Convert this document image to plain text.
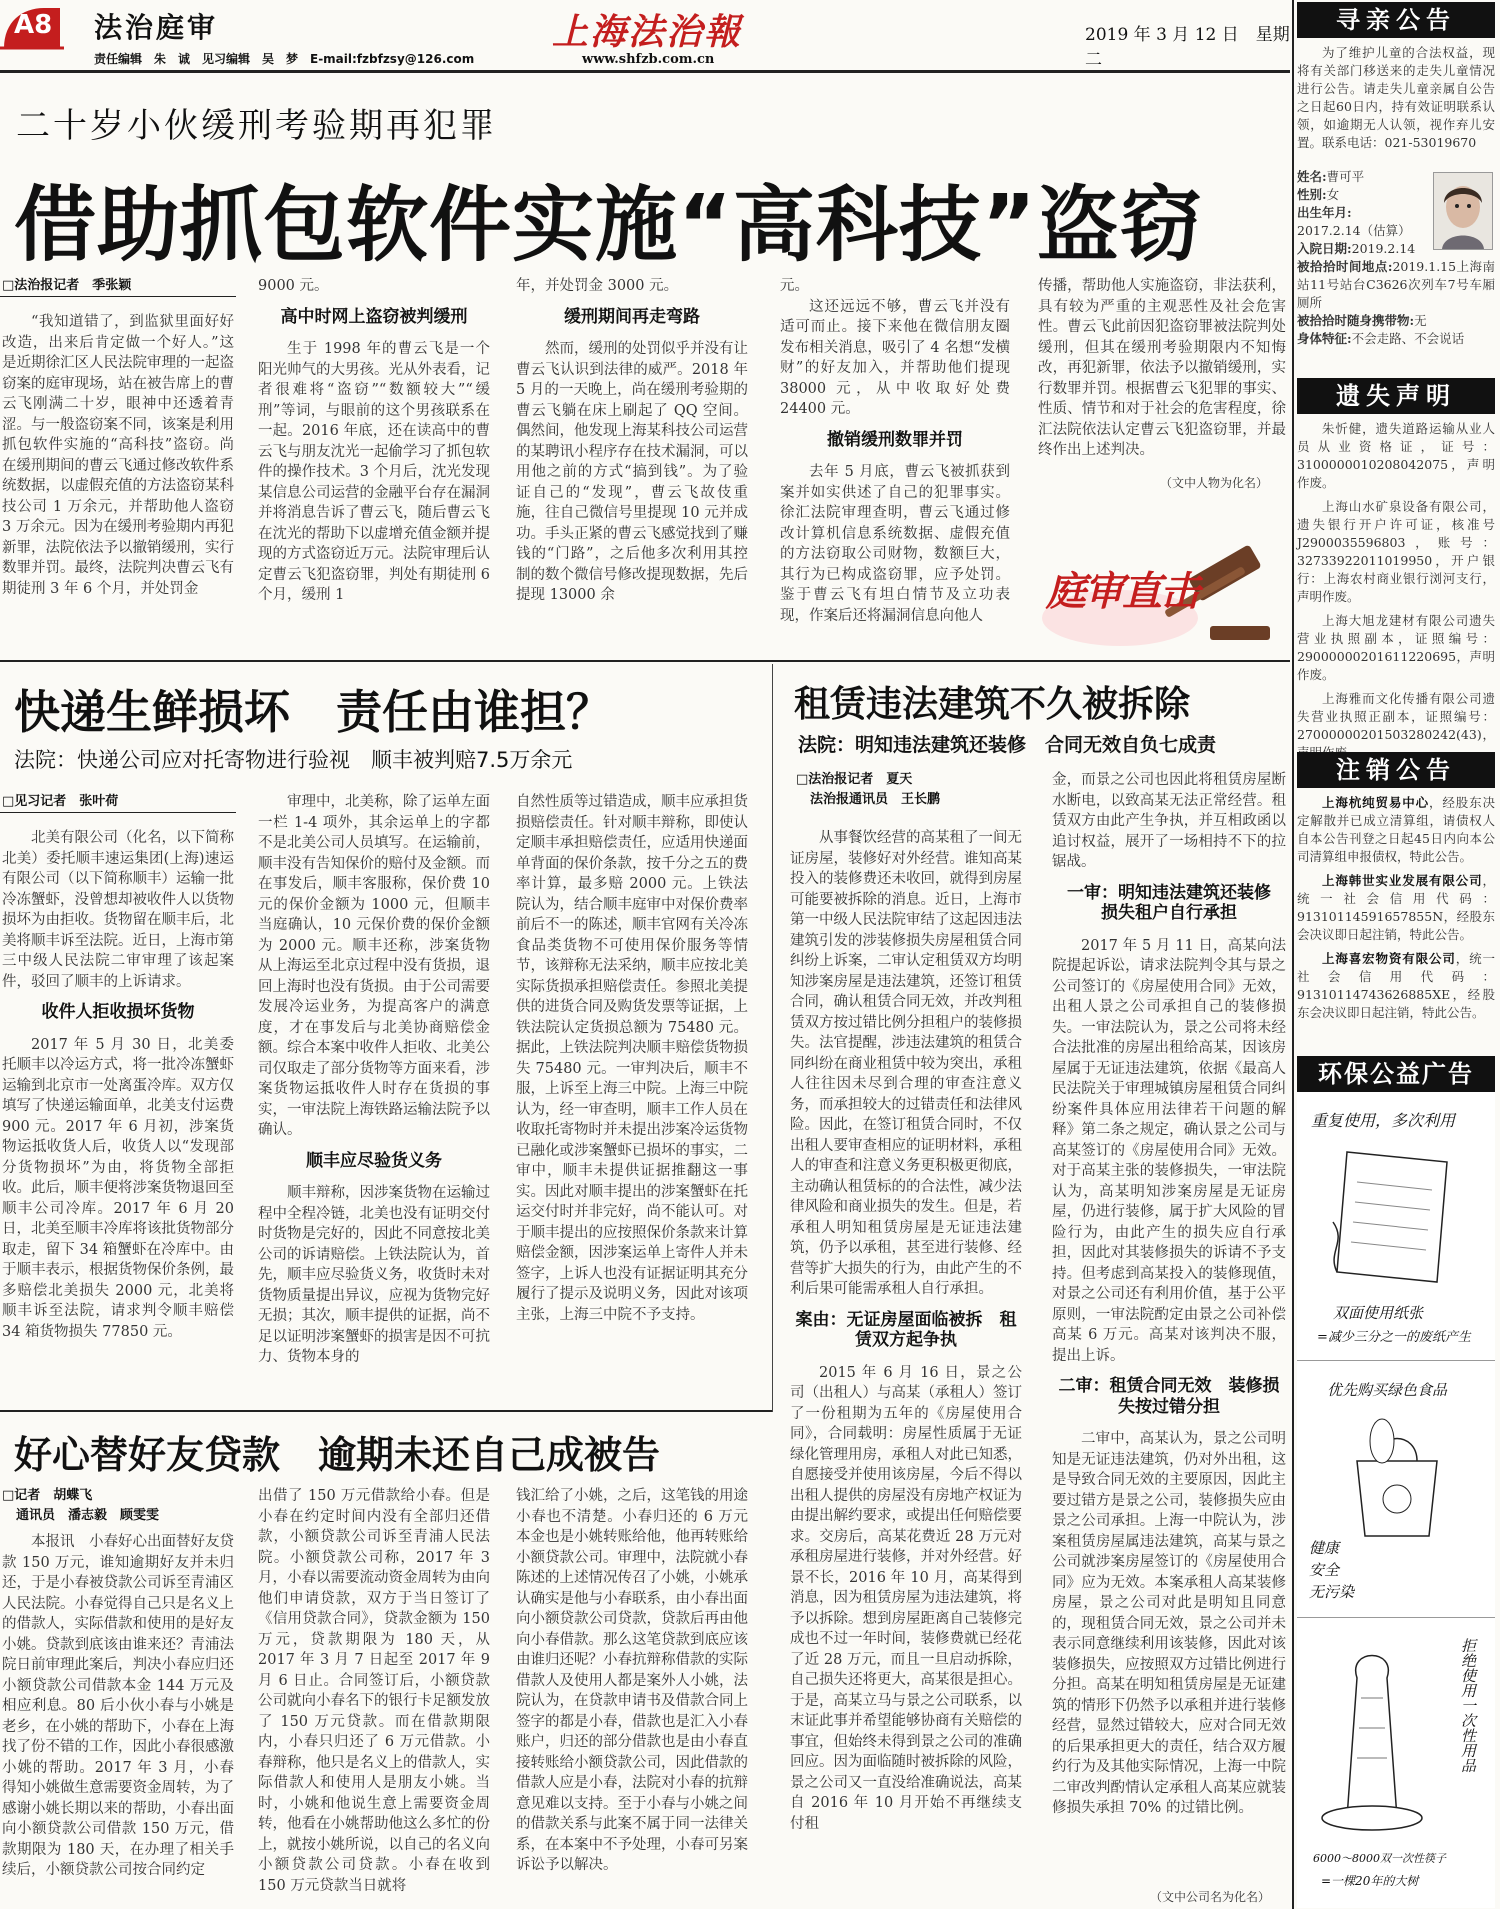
A8 法治庭审
责任编辑　朱　诚　见习编辑　吴　梦　E-mail:fzbfzsy@126.com
上海法治報
www.shfzb.com.cn
2019 年 3 月 12 日　星期二
二十岁小伙缓刑考验期再犯罪
借助抓包软件实施“高科技”盗窃
□法治报记者　季张颖

“我知道错了，到监狱里面好好改造，出来后肯定做一个好人。”这是近期徐汇区人民法院审理的一起盗窃案的庭审现场，站在被告席上的曹云飞刚满二十岁，眼神中还透着青涩。与一般盗窃案不同，该案是利用抓包软件实施的“高科技”盗窃。尚在缓刑期间的曹云飞通过修改软件系统数据，以虚假充值的方法盗窃某科技公司 1 万余元，并帮助他人盗窃 3 万余元。因为在缓刑考验期内再犯新罪，法院依法予以撤销缓刑，实行数罪并罚。最终，法院判决曹云飞有期徒刑 3 年 6 个月，并处罚金

9000 元。

高中时网上盗窃被判缓刑

生于 1998 年的曹云飞是一个阳光帅气的大男孩。光从外表看，记者很难将“盗窃”“数额较大”“缓刑”等词，与眼前的这个男孩联系在一起。2016 年底，还在读高中的曹云飞与朋友沈光一起偷学习了抓包软件的操作技术。3 个月后，沈光发现某信息公司运营的金融平台存在漏洞并将消息告诉了曹云飞，随后曹云飞在沈光的帮助下以虚增充值金额并提现的方式盗窃近万元。法院审理后认定曹云飞犯盗窃罪，判处有期徒刑 6 个月，缓刑 1

年，并处罚金 3000 元。

缓刑期间再走弯路

然而，缓刑的处罚似乎并没有让曹云飞认识到法律的威严。2018 年 5 月的一天晚上，尚在缓刑考验期的曹云飞躺在床上刷起了 QQ 空间。偶然间，他发现上海某科技公司运营的某聘讯小程序存在技术漏洞，可以用他之前的方式“搞到钱”。为了验证自己的“发现”，曹云飞故伎重施，往自己微信号里提现 10 元并成功。手头正紧的曹云飞感觉找到了赚钱的“门路”，之后他多次利用其控制的数个微信号修改提现数据，先后提现 13000 余

元。

这还远远不够，曹云飞并没有适可而止。接下来他在微信朋友圈发布相关消息，吸引了 4 名想“发横财”的好友加入，并帮助他们提现 38000 元，从中收取好处费 24400 元。

撤销缓刑数罪并罚

去年 5 月底，曹云飞被抓获到案并如实供述了自己的犯罪事实。徐汇法院审理查明，曹云飞通过修改计算机信息系统数据、虚假充值的方法窃取公司财物，数额巨大，其行为已构成盗窃罪，应予处罚。鉴于曹云飞有坦白情节及立功表现，作案后还将漏洞信息向他人

传播，帮助他人实施盗窃，非法获利，具有较为严重的主观恶性及社会危害性。曹云飞此前因犯盗窃罪被法院判处缓刑，但其在缓刑考验期限内不知悔改，再犯新罪，依法予以撤销缓刑，实行数罪并罚。根据曹云飞犯罪的事实、性质、情节和对于社会的危害程度，徐汇法院依法认定曹云飞犯盗窃罪，并最终作出上述判决。

（文中人物为化名）
庭审直击
快递生鲜损坏　责任由谁担？
法院：快递公司应对托寄物进行验视　顺丰被判赔7.5万余元
□见习记者　张叶荷

北美有限公司（化名，以下简称北美）委托顺丰速运集团(上海)速运有限公司（以下简称顺丰）运输一批冷冻蟹虾，没曾想却被收件人以货物损坏为由拒收。货物留在顺丰后，北美将顺丰诉至法院。近日，上海市第三中级人民法院二审审理了该起案件，驳回了顺丰的上诉请求。

收件人拒收损坏货物

2017 年 5 月 30 日，北美委托顺丰以冷运方式，将一批冷冻蟹虾运输到北京市一处离蛋冷库。双方仅填写了快递运输面单，北美支付运费 900 元。2017 年 6 月初，涉案货物运抵收货人后，收货人以“发现部分货物损坏”为由，将货物全部拒收。此后，顺丰便将涉案货物退回至顺丰公司冷库。2017 年 6 月 20 日，北美至顺丰冷库将该批货物部分取走，留下 34 箱蟹虾在冷库中。由于顺丰表示，根据货物保价条例，最多赔偿北美损失 2000 元，北美将顺丰诉至法院，请求判令顺丰赔偿 34 箱货物损失 77850 元。

审理中，北美称，除了运单左面一栏 1-4 项外，其余运单上的字都不是北美公司人员填写。在运输前，顺丰没有告知保价的赔付及金额。而在事发后，顺丰客服称，保价费 10 元的保价金额为 1000 元，但顺丰当庭确认，10 元保价费的保价金额为 2000 元。顺丰还称，涉案货物从上海运至北京过程中没有货损，退回上海时也没有货损。由于公司需要发展冷运业务，为提高客户的满意度，才在事发后与北美协商赔偿金额。综合本案中收件人拒收、北美公司仅取走了部分货物等方面来看，涉案货物运抵收件人时存在货损的事实，一审法院上海铁路运输法院予以确认。

顺丰应尽验货义务

顺丰辩称，因涉案货物在运输过程中全程冷链，北美也没有证明交付时货物是完好的，因此不同意按北美公司的诉请赔偿。上铁法院认为，首先，顺丰应尽验货义务，收货时未对货物质量提出异议，应视为货物完好无损；其次，顺丰提供的证据，尚不足以证明涉案蟹虾的损害是因不可抗力、货物本身的

自然性质等过错造成，顺丰应承担货损赔偿责任。针对顺丰辩称，即使认定顺丰承担赔偿责任，应适用快递面单背面的保价条款，按千分之五的费率计算，最多赔 2000 元。上铁法院认为，结合顺丰庭审中对保价费率前后不一的陈述，顺丰官网有关冷冻食品类货物不可使用保价服务等情节，该辩称无法采纳，顺丰应按北美实际货损承担赔偿责任。参照北美提供的进货合同及购货发票等证据，上铁法院认定货损总额为 75480 元。据此，上铁法院判决顺丰赔偿货物损失 75480 元。一审判决后，顺丰不服，上诉至上海三中院。上海三中院认为，经一审查明，顺丰工作人员在收取托寄物时并未提出涉案冷运货物已融化或涉案蟹虾已损坏的事实，二审中，顺丰未提供证据推翻这一事实。因此对顺丰提出的涉案蟹虾在托运交付时并非完好，尚不能认可。对于顺丰提出的应按照保价条款来计算赔偿金额，因涉案运单上寄件人并未签字，上诉人也没有证据证明其充分履行了提示及说明义务，因此对该项主张，上海三中院不予支持。

租赁违法建筑不久被拆除
法院：明知违法建筑还装修　合同无效自负七成责
□法治报记者　夏天
法治报通讯员　王长鹏

从事餐饮经营的高某租了一间无证房屋，装修好对外经营。谁知高某投入的装修费还未收回，就得到房屋可能要被拆除的消息。近日，上海市第一中级人民法院审结了这起因违法建筑引发的涉装修损失房屋租赁合同纠纷上诉案，二审认定租赁双方均明知涉案房屋是违法建筑，还签订租赁合同，确认租赁合同无效，并改判租赁双方按过错比例分担租户的装修损失。法官提醒，涉违法建筑的租赁合同纠纷在商业租赁中较为突出，承租人往往因未尽到合理的审查注意义务，而承担较大的过错责任和法律风险。因此，在签订租赁合同时，不仅出租人要审查相应的证明材料，承租人的审查和注意义务更积极更彻底，主动确认租赁标的的合法性，减少法律风险和商业损失的发生。但是，若承租人明知租赁房屋是无证违法建筑，仍予以承租，甚至进行装修、经营等扩大损失的行为，由此产生的不利后果可能需承租人自行承担。

案由：无证房屋面临被拆　租赁双方起争执

2015 年 6 月 16 日，景之公司（出租人）与高某（承租人）签订了一份租期为五年的《房屋使用合同》，合同载明：房屋性质属于无证绿化管理用房，承租人对此已知悉，自愿接受并使用该房屋，今后不得以出租人提供的房屋没有房地产权证为由提出解约要求，或提出任何赔偿要求。交房后，高某花费近 28 万元对承租房屋进行装修，并对外经营。好景不长，2016 年 10 月，高某得到消息，因为租赁房屋为违法建筑，将予以拆除。想到房屋距离自己装修完成也不过一年时间，装修费就已经花了近 28 万元，而且一旦启动拆除，自己损失还将更大，高某很是担心。于是，高某立马与景之公司联系，以末证此事并希望能够协商有关赔偿的事宜，但始终未得到景之公司的准确回应。因为面临随时被拆除的风险，景之公司又一直没给准确说法，高某自 2016 年 10 月开始不再继续支付租

金，而景之公司也因此将租赁房屋断水断电，以致高某无法正常经营。租赁双方由此产生争执，并互相政函以追讨权益，展开了一场相持不下的拉锯战。

一审：明知违法建筑还装修　损失租户自行承担

2017 年 5 月 11 日，高某向法院提起诉讼，请求法院判令其与景之公司签订的《房屋使用合同》无效，出租人景之公司承担自己的装修损失。一审法院认为，景之公司将未经合法批准的房屋出租给高某，因该房屋属于无证违法建筑，依据《最高人民法院关于审理城镇房屋租赁合同纠纷案件具体应用法律若干问题的解释》第二条之规定，确认景之公司与高某签订的《房屋使用合同》无效。对于高某主张的装修损失，一审法院认为，高某明知涉案房屋是无证房屋，仍进行装修，属于扩大风险的冒险行为，由此产生的损失应自行承担，因此对其装修损失的诉请不予支持。但考虑到高某投入的装修现值，对景之公司还有利用价值，基于公平原则，一审法院酌定由景之公司补偿高某 6 万元。高某对该判决不服，提出上诉。

二审：租赁合同无效　装修损失按过错分担

二审中，高某认为，景之公司明知是无证违法建筑，仍对外出租，这是导致合同无效的主要原因，因此主要过错方是景之公司，装修损失应由景之公司承担。上海一中院认为，涉案租赁房屋属违法建筑，高某与景之公司就涉案房屋签订的《房屋使用合同》应为无效。本案承租人高某装修房屋，景之公司对此是明知且同意的，现租赁合同无效，景之公司并未表示同意继续利用该装修，因此对该装修损失，应按照双方过错比例进行分担。高某在明知租赁房屋是无证建筑的情形下仍然予以承租并进行装修经营，显然过错较大，应对合同无效的后果承担更大的责任，结合双方履约行为及其他实际情况，上海一中院二审改判酌情认定承租人高某应就装修损失承担 70% 的过错比例。

（文中公司名为化名）
好心替好友贷款　逾期未还自己成被告
□记者　胡蝶飞
通讯员　潘志毅　顾雯雯

本报讯　小春好心出面替好友贷款 150 万元，谁知逾期好友并未归还，于是小春被贷款公司诉至青浦区人民法院。小春觉得自己只是名义上的借款人，实际借款和使用的是好友小姚。贷款到底该由谁来还？青浦法院日前审理此案后，判决小春应归还小额贷款公司借款本金 144 万元及相应利息。80 后小伙小春与小姚是老乡，在小姚的帮助下，小春在上海找了份不错的工作，因此小春很感激小姚的帮助。2017 年 3 月，小春得知小姚做生意需要资金周转，为了感谢小姚长期以来的帮助，小春出面向小额贷款公司借款 150 万元，借款期限为 180 天，在办理了相关手续后，小额贷款公司按合同约定

出借了 150 万元借款给小春。但是小春在约定时间内没有全部归还借款，小额贷款公司诉至青浦人民法院。小额贷款公司称，2017 年 3 月，小春以需要流动资金周转为由向他们申请贷款，双方于当日签订了《信用贷款合同》，贷款金额为 150 万元，贷款期限为 180 天，从 2017 年 3 月 7 日起至 2017 年 9 月 6 日止。合同签订后，小额贷款公司就向小春名下的银行卡足额发放了 150 万元贷款。而在借款期限内，小春只归还了 6 万元借款。小春辩称，他只是名义上的借款人，实际借款人和使用人是朋友小姚。当时，小姚和他说生意上需要资金周转，他看在小姚帮助他这么多忙的份上，就按小姚所说，以自己的名义向小额贷款公司贷款。小春在收到 150 万元贷款当日就将

钱汇给了小姚，之后，这笔钱的用途小春也不清楚。小春归还的 6 万元本金也是小姚转账给他，他再转账给小额贷款公司。审理中，法院就小春陈述的上述情况传召了小姚，小姚承认确实是他与小春联系，由小春出面向小额贷款公司贷款，贷款后再由他向小春借款。那么这笔贷款到底应该由谁归还呢？小春抗辩称借款的实际借款人及使用人都是案外人小姚，法院认为，在贷款申请书及借款合同上签字的都是小春，借款也是汇入小春账户，归还的部分借款也是由小春直接转账给小额贷款公司，因此借款的借款人应是小春，法院对小春的抗辩意见难以支持。至于小春与小姚之间的借款关系与此案不属于同一法律关系，在本案中不予处理，小春可另案诉讼予以解决。

寻亲公告

为了维护儿童的合法权益，现将有关部门移送来的走失儿童情况进行公告。请走失儿童亲属自公告之日起60日内，持有效证明联系认领，如逾期无人认领，视作弃儿安置。联系电话：021-53019670

姓名:曹可平
性别:女
出生年月:
2017.2.14（估算）
入院日期:2019.2.14
被拾拾时间地点:2019.1.15上海南站11号站台C3626次列车7号车厢厕所
被拾拾时随身携带物:无
身体特征:不会走路、不会说话
遗失声明

朱忻健，遗失道路运输从业人员从业资格证，证号：310000001020804207​5，声明作废。

上海山水矿泉设备有限公司，遗失银行开户许可证，核准号 J2900035596803，账号：32733922011019950，开户银行：上海农村商业银行浏河支行，声明作废。

上海大旭龙建材有限公司遗失营业执照副本，证照编号：290000002016112206​95，声明作废。

上海雅而文化传播有限公司遗失营业执照正副本，证照编号：27000000201503280242(43)，

注销公告

上海杭纯贸易中心，经股东决定解散并已成立清算组，请债权人自本公告刊登之日起45日内向本公司清算组申报债权，特此公告。

上海韩世实业发展有限公司，统一社会信用代码：91310114591657855N，经股东会决议即日起注销，特此公告。

上海喜宏物资有限公司，统一社会信用代码：913101147436268​85XE，经股东会决议即日起注销，特此公告。

环保公益广告
重复使用，多次利用
双面使用纸张
=减少三分之一的废纸产生
优先购买绿色食品
健康
安全
无污染
拒绝使用一次性用品
6000～8000双一次性筷子
=一棵20年的大树
